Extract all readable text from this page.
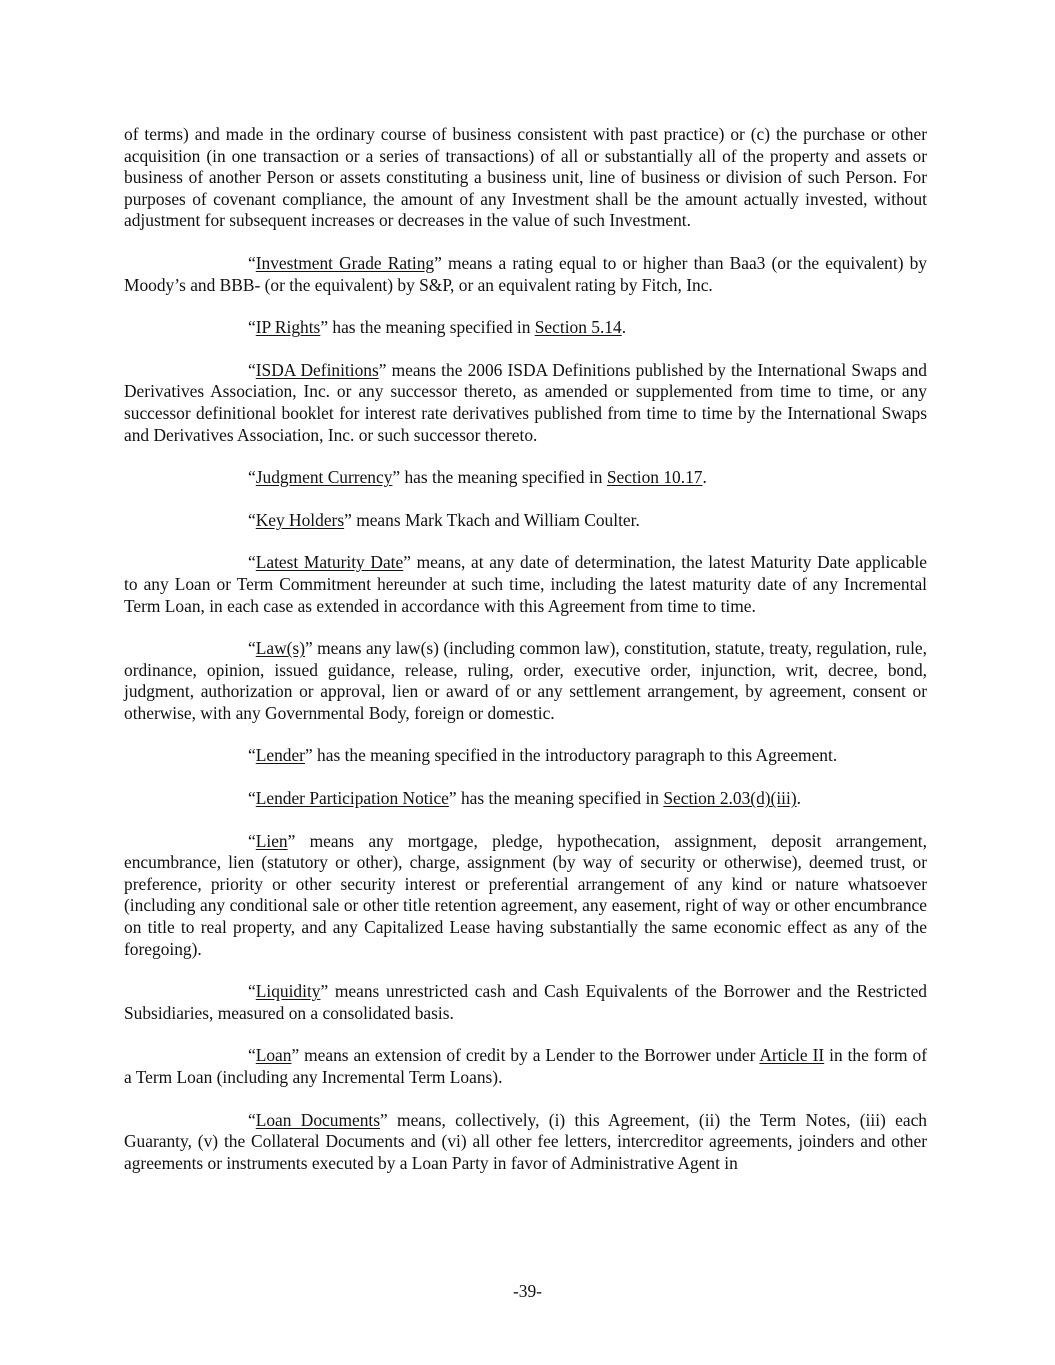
of terms) and made in the ordinary course of business consistent with past practice) or (c) the purchase or other acquisition (in one transaction or a series of transactions) of all or substantially all of the property and assets or business of another Person or assets constituting a business unit, line of business or division of such Person. For purposes of covenant compliance, the amount of any Investment shall be the amount actually invested, without adjustment for subsequent increases or decreases in the value of such Investment.

“Investment Grade Rating” means a rating equal to or higher than Baa3 (or the equivalent) by Moody’s and BBB- (or the equivalent) by S&P, or an equivalent rating by Fitch, Inc.

“IP Rights” has the meaning specified in Section 5.14.

“ISDA Definitions” means the 2006 ISDA Definitions published by the International Swaps and Derivatives Association, Inc. or any successor thereto, as amended or supplemented from time to time, or any successor definitional booklet for interest rate derivatives published from time to time by the International Swaps and Derivatives Association, Inc. or such successor thereto.

“Judgment Currency” has the meaning specified in Section 10.17.

“Key Holders” means Mark Tkach and William Coulter.

“Latest Maturity Date” means, at any date of determination, the latest Maturity Date applicable to any Loan or Term Commitment hereunder at such time, including the latest maturity date of any Incremental Term Loan, in each case as extended in accordance with this Agreement from time to time.

“Law(s)” means any law(s) (including common law), constitution, statute, treaty, regulation, rule, ordinance, opinion, issued guidance, release, ruling, order, executive order, injunction, writ, decree, bond, judgment, authorization or approval, lien or award of or any settlement arrangement, by agreement, consent or otherwise, with any Governmental Body, foreign or domestic.

“Lender” has the meaning specified in the introductory paragraph to this Agreement.

“Lender Participation Notice” has the meaning specified in Section 2.03(d)(iii).

“Lien” means any mortgage, pledge, hypothecation, assignment, deposit arrangement, encumbrance, lien (statutory or other), charge, assignment (by way of security or otherwise), deemed trust, or preference, priority or other security interest or preferential arrangement of any kind or nature whatsoever (including any conditional sale or other title retention agreement, any easement, right of way or other encumbrance on title to real property, and any Capitalized Lease having substantially the same economic effect as any of the foregoing).

“Liquidity” means unrestricted cash and Cash Equivalents of the Borrower and the Restricted Subsidiaries, measured on a consolidated basis.

“Loan” means an extension of credit by a Lender to the Borrower under Article II in the form of a Term Loan (including any Incremental Term Loans).

“Loan Documents” means, collectively, (i) this Agreement, (ii) the Term Notes, (iii) each Guaranty, (v) the Collateral Documents and (vi) all other fee letters, intercreditor agreements, joinders and other agreements or instruments executed by a Loan Party in favor of Administrative Agent in

-39-
